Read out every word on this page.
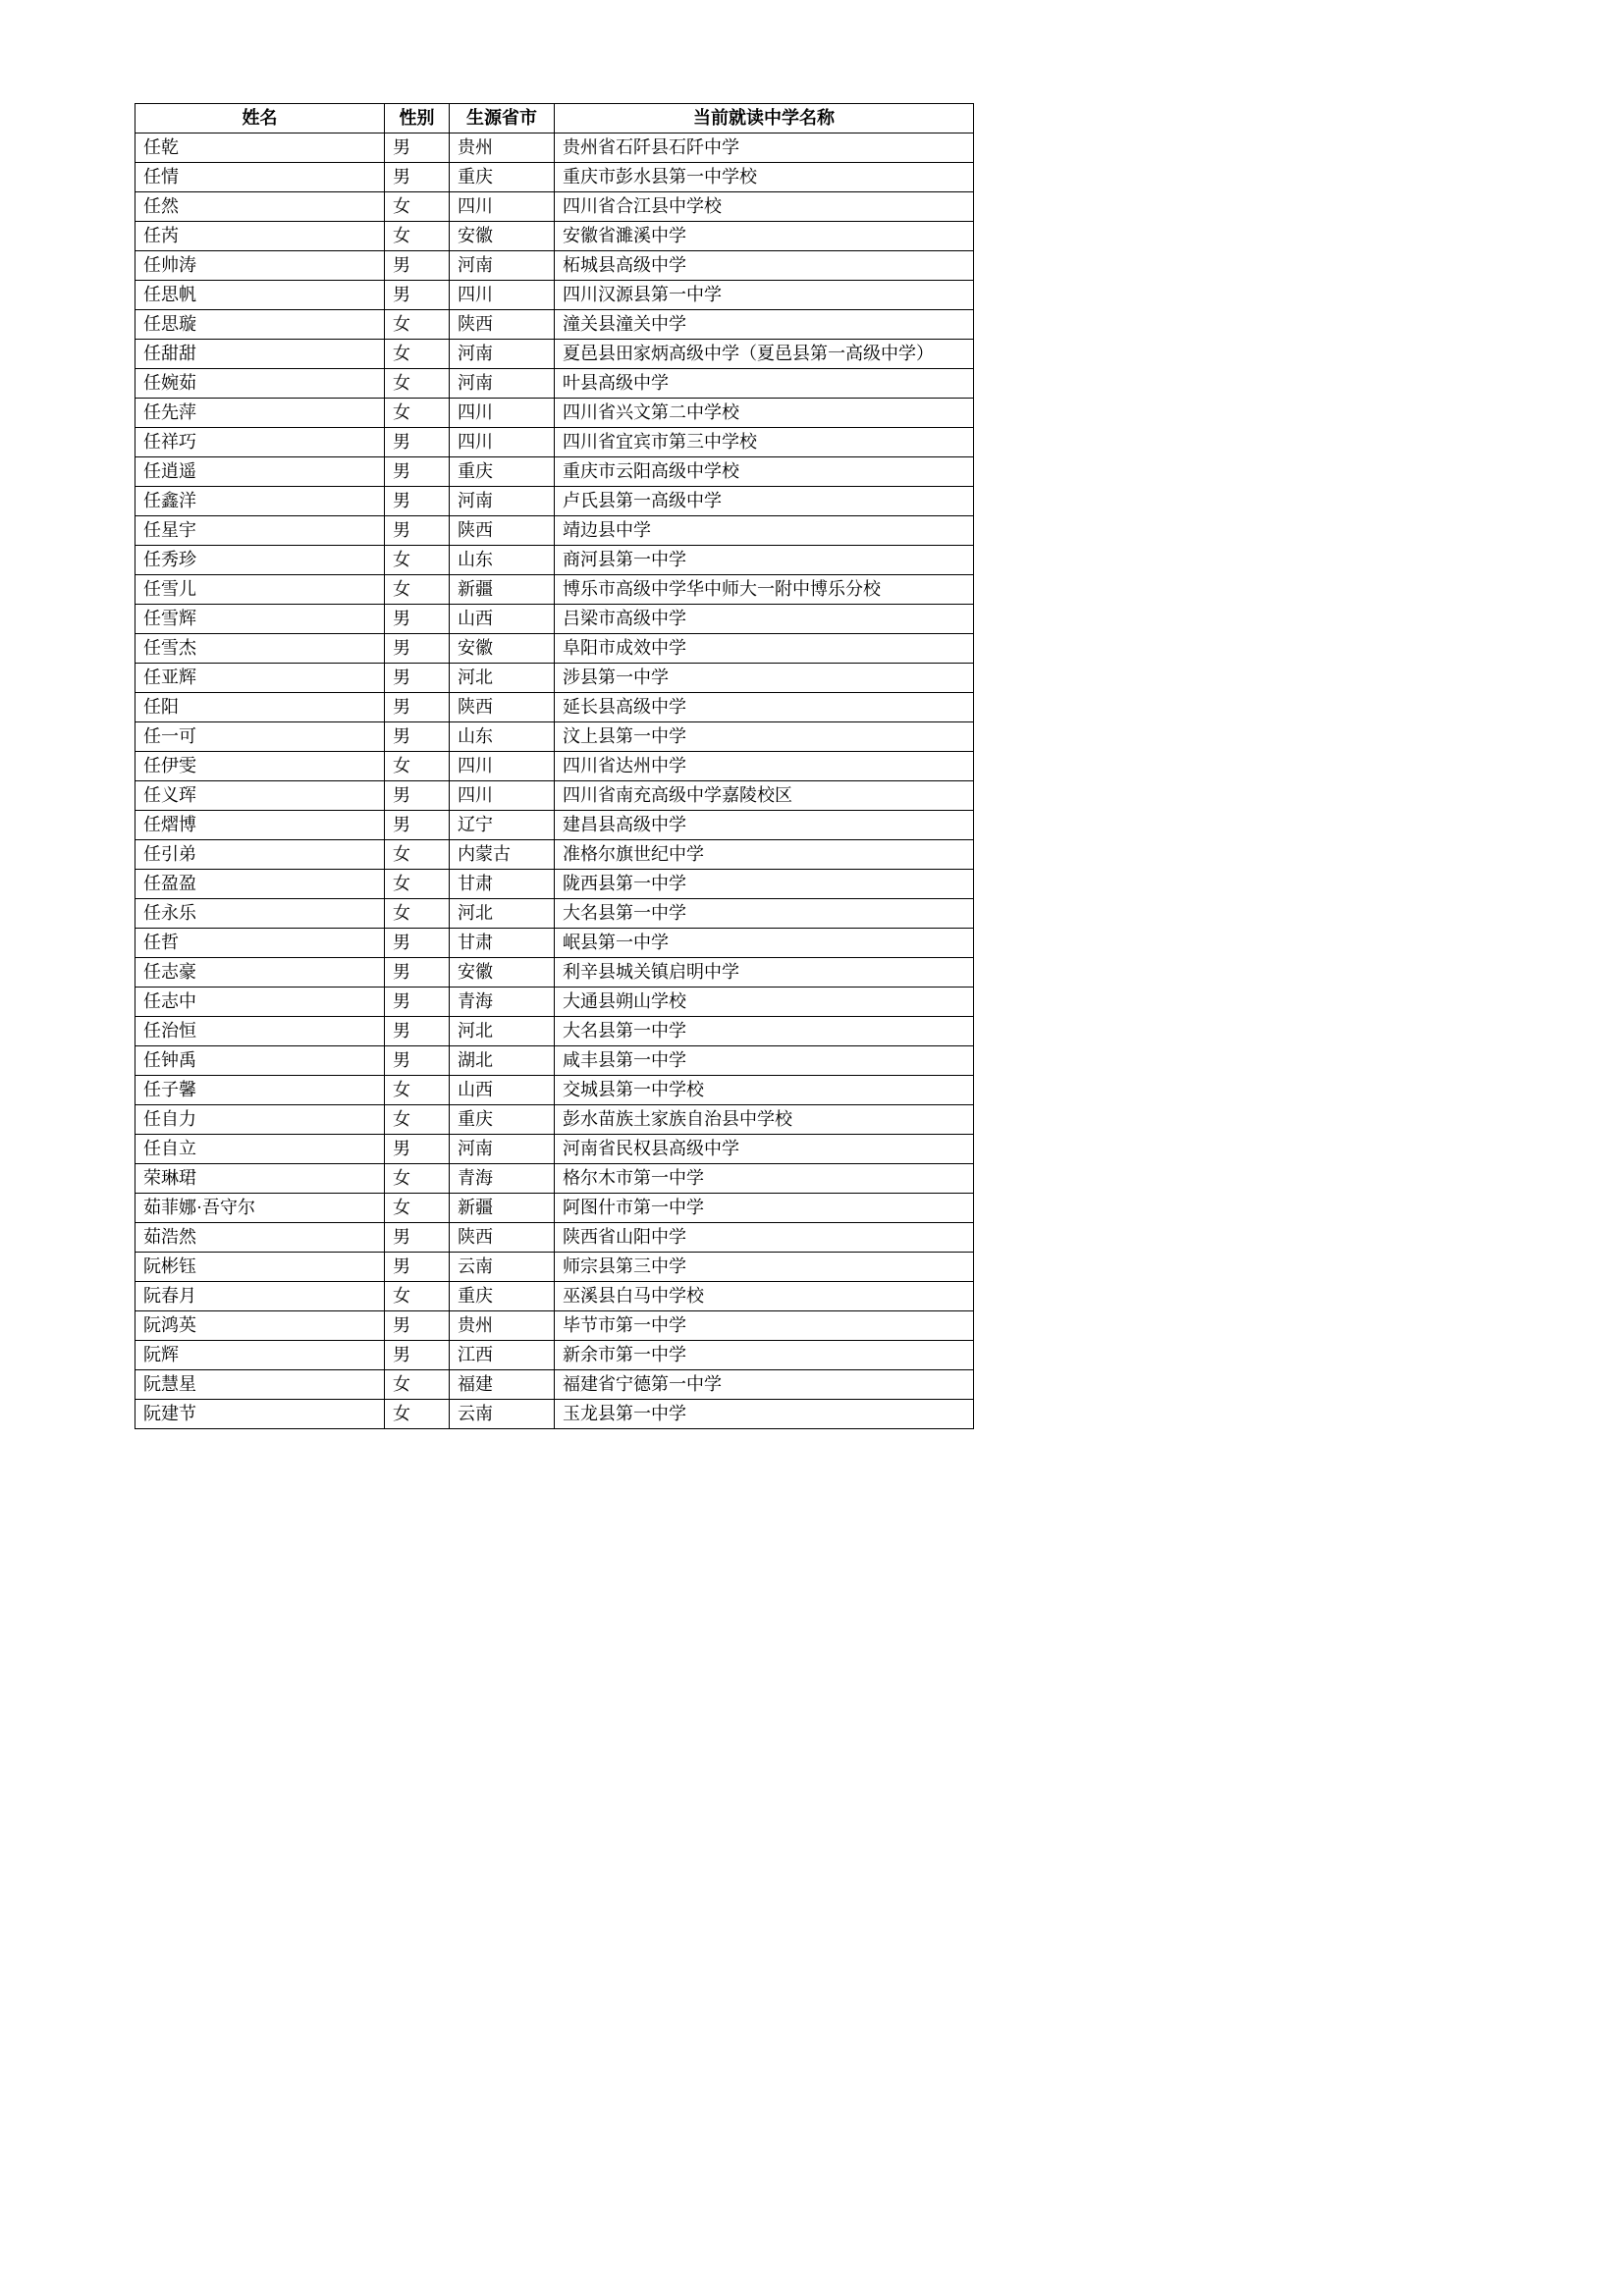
姓名	性别	生源省市	当前就读中学名称
任乾	男	贵州	贵州省石阡县石阡中学
任情	男	重庆	重庆市彭水县第一中学校
任然	女	四川	四川省合江县中学校
任芮	女	安徽	安徽省濉溪中学
任帅涛	男	河南	柘城县高级中学
任思帆	男	四川	四川汉源县第一中学
任思璇	女	陕西	潼关县潼关中学
任甜甜	女	河南	夏邑县田家炳高级中学（夏邑县第一高级中学）
任婉茹	女	河南	叶县高级中学
任先萍	女	四川	四川省兴文第二中学校
任祥巧	男	四川	四川省宜宾市第三中学校
任逍遥	男	重庆	重庆市云阳高级中学校
任鑫洋	男	河南	卢氏县第一高级中学
任星宇	男	陕西	靖边县中学
任秀珍	女	山东	商河县第一中学
任雪儿	女	新疆	博乐市高级中学华中师大一附中博乐分校
任雪辉	男	山西	吕梁市高级中学
任雪杰	男	安徽	阜阳市成效中学
任亚辉	男	河北	涉县第一中学
任阳	男	陕西	延长县高级中学
任一可	男	山东	汶上县第一中学
任伊雯	女	四川	四川省达州中学
任义珲	男	四川	四川省南充高级中学嘉陵校区
任熠博	男	辽宁	建昌县高级中学
任引弟	女	内蒙古	准格尔旗世纪中学
任盈盈	女	甘肃	陇西县第一中学
任永乐	女	河北	大名县第一中学
任哲	男	甘肃	岷县第一中学
任志豪	男	安徽	利辛县城关镇启明中学
任志中	男	青海	大通县朔山学校
任治恒	男	河北	大名县第一中学
任钟禹	男	湖北	咸丰县第一中学
任子馨	女	山西	交城县第一中学校
任自力	女	重庆	彭水苗族土家族自治县中学校
任自立	男	河南	河南省民权县高级中学
荣琳珺	女	青海	格尔木市第一中学
茹菲娜·吾守尔	女	新疆	阿图什市第一中学
茹浩然	男	陕西	陕西省山阳中学
阮彬钰	男	云南	师宗县第三中学
阮春月	女	重庆	巫溪县白马中学校
阮鸿英	男	贵州	毕节市第一中学
阮辉	男	江西	新余市第一中学
阮慧星	女	福建	福建省宁德第一中学
阮建节	女	云南	玉龙县第一中学
